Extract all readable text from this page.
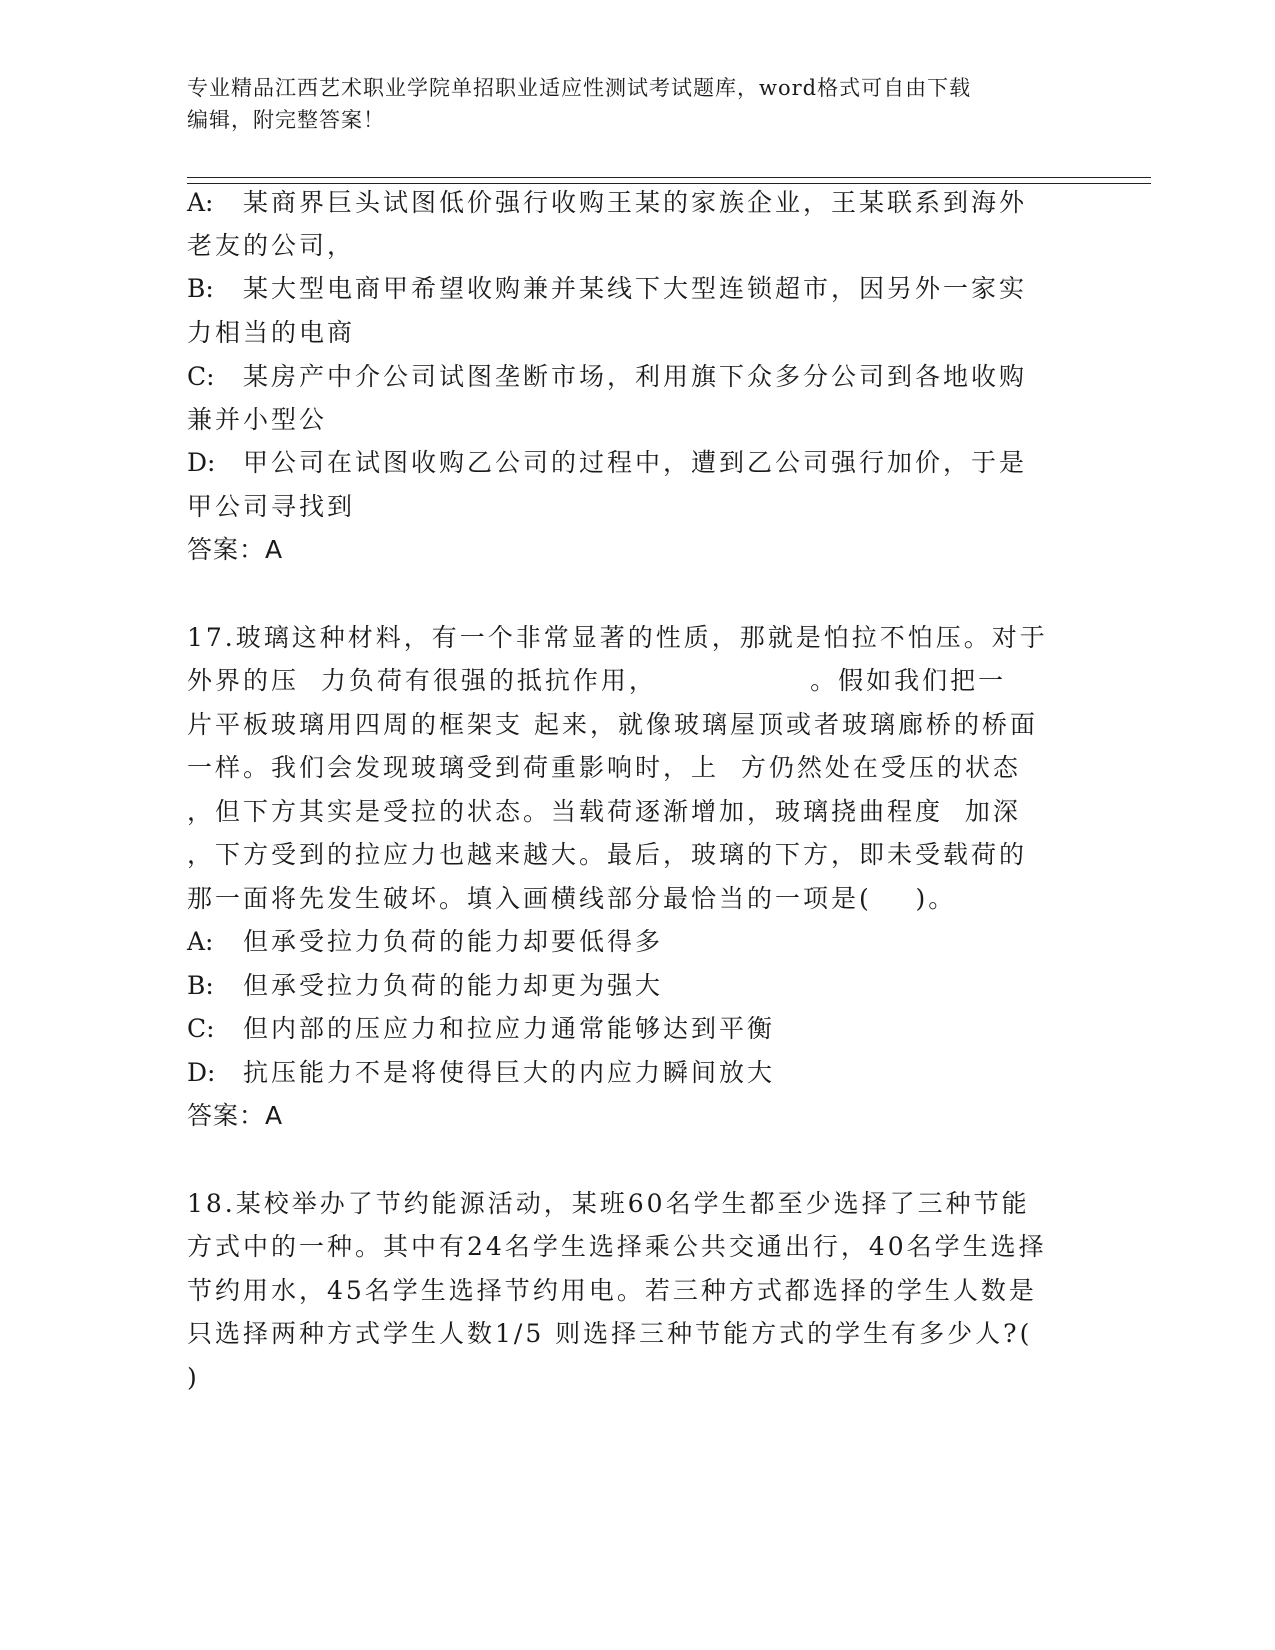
专业精品江西艺术职业学院单招职业适应性测试考试题库，word格式可自由下载
编辑，附完整答案！
A: 某商界巨头试图低价强行收购王某的家族企业，王某联系到海外
老友的公司，
B: 某大型电商甲希望收购兼并某线下大型连锁超市，因另外一家实
力相当的电商
C: 某房产中介公司试图垄断市场，利用旗下众多分公司到各地收购
兼并小型公
D: 甲公司在试图收购乙公司的过程中，遭到乙公司强行加价，于是
甲公司寻找到
答案：A
17.玻璃这种材料，有一个非常显著的性质，那就是怕拉不怕压。对于
外界的压  力负荷有很强的抵抗作用，              。假如我们把一
片平板玻璃用四周的框架支 起来，就像玻璃屋顶或者玻璃廊桥的桥面
一样。我们会发现玻璃受到荷重影响时，上  方仍然处在受压的状态
，但下方其实是受拉的状态。当载荷逐渐增加，玻璃挠曲程度  加深
，下方受到的拉应力也越来越大。最后，玻璃的下方，即未受载荷的
那一面将先发生破坏。填入画横线部分最恰当的一项是(    )。
A: 但承受拉力负荷的能力却要低得多
B: 但承受拉力负荷的能力却更为强大
C: 但内部的压应力和拉应力通常能够达到平衡
D: 抗压能力不是将使得巨大的内应力瞬间放大
答案：A
18.某校举办了节约能源活动，某班60名学生都至少选择了三种节能
方式中的一种。其中有24名学生选择乘公共交通出行，40名学生选择
节约用水，45名学生选择节约用电。若三种方式都选择的学生人数是
只选择两种方式学生人数1/5 则选择三种节能方式的学生有多少人?(
)
